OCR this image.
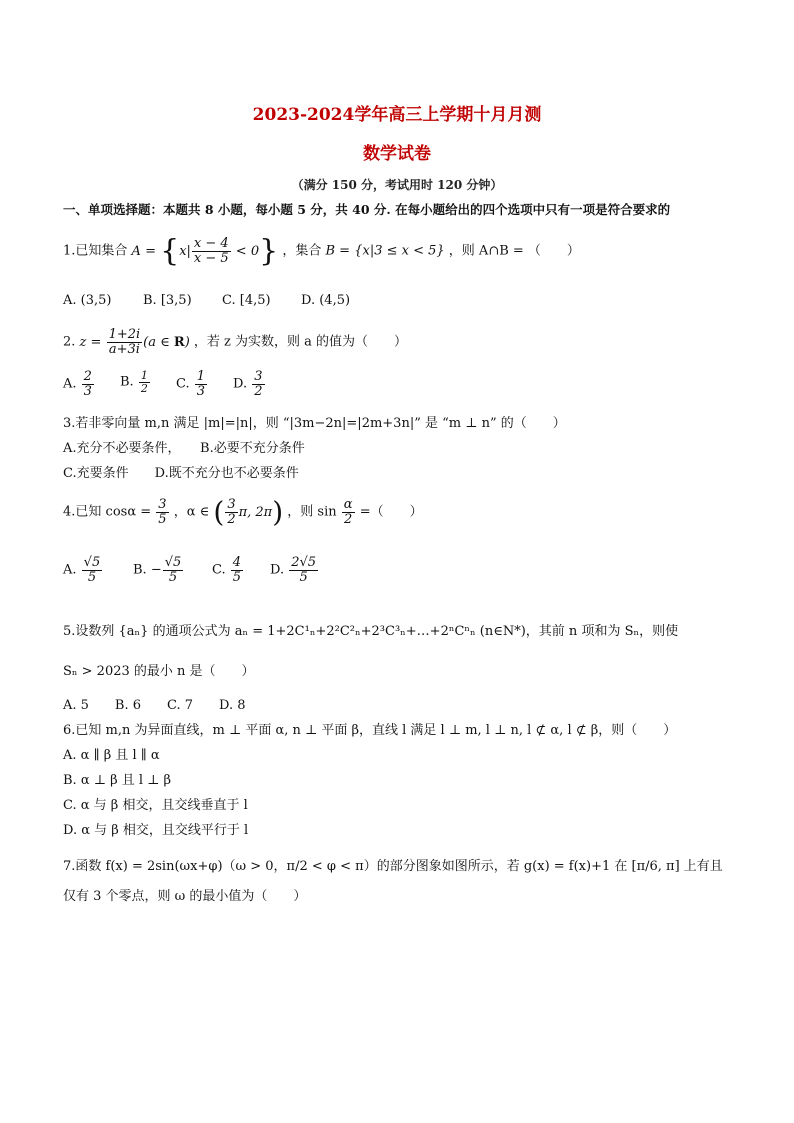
2023-2024学年高三上学期十月月测
数学试卷
（满分 150 分，考试用时 120 分钟）
一、单项选择题：本题共 8 小题，每小题 5 分，共 40 分. 在每小题给出的四个选项中只有一项是符合要求的
1.已知集合 $A = \{x| \frac{x - 4}{x - 5} < 0\}$ ，集合 B = {x|3 ≤ x < 5} ，则 A∩B = （　　）
A. (3,5) B. [3,5) C. [4,5) D. (4,5)
2. $z = \frac{1+2i}{a+3i} (a$ ∈ R) ，若 z 为实数，则 a 的值为（　　）
A. $\frac{2}{3} B$. $\frac{1}{2} C$. $\frac{1}{3} D$. $\frac{3}{2}$
3.若非零向量 m,n 满足 |m|=|n|，则 “|3m−2n|=|2m+3n|” 是 “m ⊥ n” 的（　　）
A.充分不必要条件，　　B.必要不充分条件
C.充要条件　　D.既不充分也不必要条件
4.已知 $\cos\alpha = \frac{3}{5}$ ，α ∈ ( $\frac{3}{2} \pi$, 2π) ，则 $\sin \frac{\alpha}{2}$ =（　　）
A. $\frac{√5}{5} B$. − $\frac{√5}{5} C$. $\frac{4}{5} D$. $\frac{2√5}{5}$
5.设数列 {aₙ} 的通项公式为 aₙ = 1+2C¹ₙ+2²C²ₙ+2³C³ₙ+…+2ⁿCⁿₙ (n∈N*)，其前 n 项和为 Sₙ，则使
Sₙ > 2023 的最小 n 是（　　）
A. 5　　B. 6　　C. 7　　D. 8
6.已知 m,n 为异面直线，m ⊥ 平面 α, n ⊥ 平面 β，直线 l 满足 l ⊥ m, l ⊥ n, l ⊄ α, l ⊄ β，则（　　）
A. α ∥ β 且 l ∥ α
B. α ⊥ β 且 l ⊥ β
C. α 与 β 相交，且交线垂直于 l
D. α 与 β 相交，且交线平行于 l
7.函数 f(x) = 2sin(ωx+φ)（ω > 0，π/2 < φ < π）的部分图象如图所示，若 g(x) = f(x)+1 在 [π/6, π] 上有且
仅有 3 个零点，则 ω 的最小值为（　　）
